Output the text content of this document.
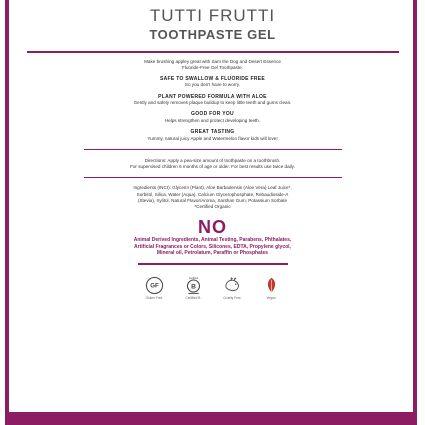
TUTTI FRUTTI
TOOTHPASTE GEL
Make brushing appley great with Sam the Dog and Desert Essence
Fluoride-Free Gel Toothpaste.
SAFE TO SWALLOW & FLUORIDE FREE
So you don't have to worry.
PLANT POWERED FORMULA WITH ALOE
Gently and safely removes plaque buildup to keep little teeth and gums clean.
GOOD FOR YOU
Helps strengthen and protect developing teeth.
GREAT TASTING
Yummy, natural juicy Apple and Watermelon flavor kids will love!
Directions: Apply a pea-size amount of toothpaste on a toothbrush.
For supervised children 6 months of age or older. For best results use twice daily.
Ingredients (INCI): Glycerin (Plant), Aloe Barbadensis (Aloe Vera) Leaf Juice*,
Sorbitol, Silica, Water (Aqua), Calcium Glycerophosphate, Rebaudioside-A
(Stevia), Xylitol, Natural Flavor/Aroma, Xanthan Gum, Potassium Sorbate
*Certified Organic
NO
Animal Derived Ingredients, Animal Testing, Parabens, Phthalates,
Artificial Fragrances or Colors, Silicones, EDTA, Propylene glycol,
Mineral oil, Petrolatum, Paraffin or Phosphates
GF
Gluten Free
B
Certified
Certified B	Cruelty Free	Vegan
